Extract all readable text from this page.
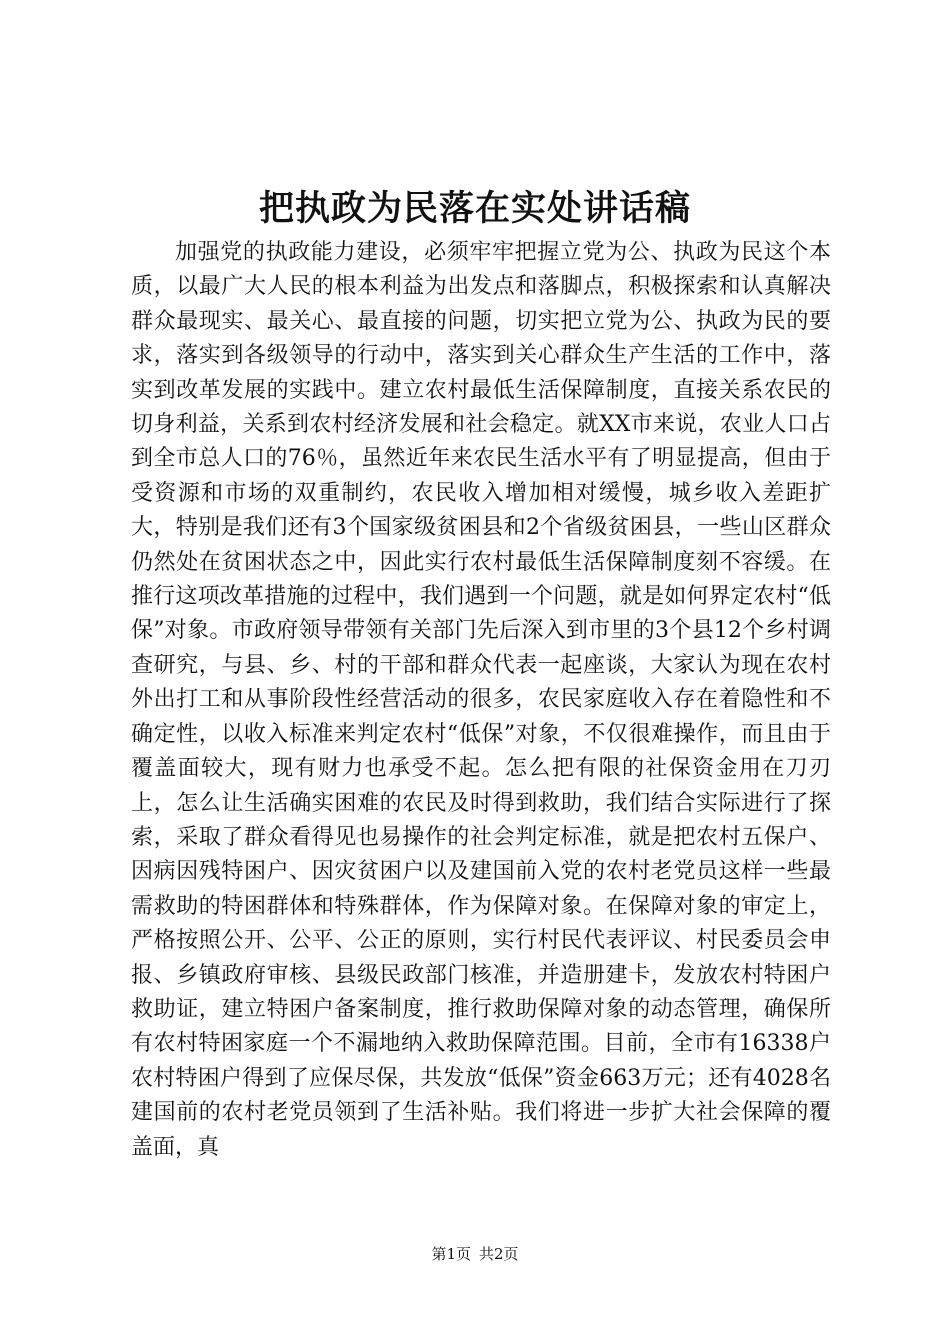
把执政为民落在实处讲话稿

加强党的执政能力建设，必须牢牢把握立党为公、执政为民这个本质，以最广大人民的根本利益为出发点和落脚点，积极探索和认真解决群众最现实、最关心、最直接的问题，切实把立党为公、执政为民的要求，落实到各级领导的行动中，落实到关心群众生产生活的工作中，落实到改革发展的实践中。建立农村最低生活保障制度，直接关系农民的切身利益，关系到农村经济发展和社会稳定。就XX市来说，农业人口占到全市总人口的76％，虽然近年来农民生活水平有了明显提高，但由于受资源和市场的双重制约，农民收入增加相对缓慢，城乡收入差距扩大，特别是我们还有3个国家级贫困县和2个省级贫困县，一些山区群众仍然处在贫困状态之中，因此实行农村最低生活保障制度刻不容缓。在推行这项改革措施的过程中，我们遇到一个问题，就是如何界定农村“低保”对象。市政府领导带领有关部门先后深入到市里的3个县12个乡村调查研究，与县、乡、村的干部和群众代表一起座谈，大家认为现在农村外出打工和从事阶段性经营活动的很多，农民家庭收入存在着隐性和不确定性，以收入标准来判定农村“低保”对象，不仅很难操作，而且由于覆盖面较大，现有财力也承受不起。怎么把有限的社保资金用在刀刃上，怎么让生活确实困难的农民及时得到救助，我们结合实际进行了探索，采取了群众看得见也易操作的社会判定标准，就是把农村五保户、因病因残特困户、因灾贫困户以及建国前入党的农村老党员这样一些最需救助的特困群体和特殊群体，作为保障对象。在保障对象的审定上，严格按照公开、公平、公正的原则，实行村民代表评议、村民委员会申报、乡镇政府审核、县级民政部门核准，并造册建卡，发放农村特困户救助证，建立特困户备案制度，推行救助保障对象的动态管理，确保所有农村特困家庭一个不漏地纳入救助保障范围。目前，全市有16338户农村特困户得到了应保尽保，共发放“低保”资金663万元；还有4028名建国前的农村老党员领到了生活补贴。我们将进一步扩大社会保障的覆盖面，真

第1页 共2页
